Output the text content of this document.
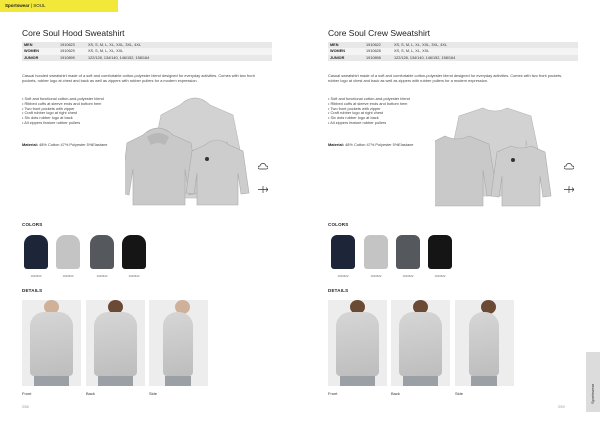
Sportswear | SOUL
Core Soul Hood Sweatshirt
MEN	1910623	XS, S, M, L, XL, XXL, 3XL, 4XL
WOMEN	1910629	XS, S, M, L, XL, XXL
JUNIOR	1910899	122/128, 134/140, 146/152, 158/164
Casual hooded sweatshirt made of a soft and comfortable cotton-polyester blend designed for everyday activities. Comes with two front pockets, rubber logo at chest and back as well as zippers with rubber pullers for a modern expression.
• Soft and functional cotton-and-polyester blend
• Ribbed cuffs at sleeve ends and bottom hem
• Two front pockets with zipper
• Craft rubber logo at right chest
• Six dots rubber logo at back
• All zippers feature rubber pullers
Material: 48% Cotton 47% Polyester 5%Elastane
COLORS
1910623	1910623	1910623	1910623
DETAILS
Front	Back	Side
258
Core Soul Crew Sweatshirt
MEN	1910622	XS, S, M, L, XL, XXL, 3XL, 4XL
WOMEN	1910628	XS, S, M, L, XL, XXL
JUNIOR	1910898	122/128, 134/140, 146/152, 158/164
Casual sweatshirt made of a soft and comfortable cotton-polyester blend designed for everyday activities. Comes with two front pockets, rubber logo at chest and back as well as zippers with rubber pullers for a modern expression.
• Soft and functional cotton-and-polyester blend
• Ribbed cuffs at sleeve ends and bottom hem
• Two front pockets with zipper
• Craft rubber logo at right chest
• Six dots rubber logo at back
• All zippers feature rubber pullers
Material: 48% Cotton 47% Polyester 5%Elastane
COLORS
1910622	1910622	1910622	1910622
DETAILS
Front	Back	Side
259
Sportswear
